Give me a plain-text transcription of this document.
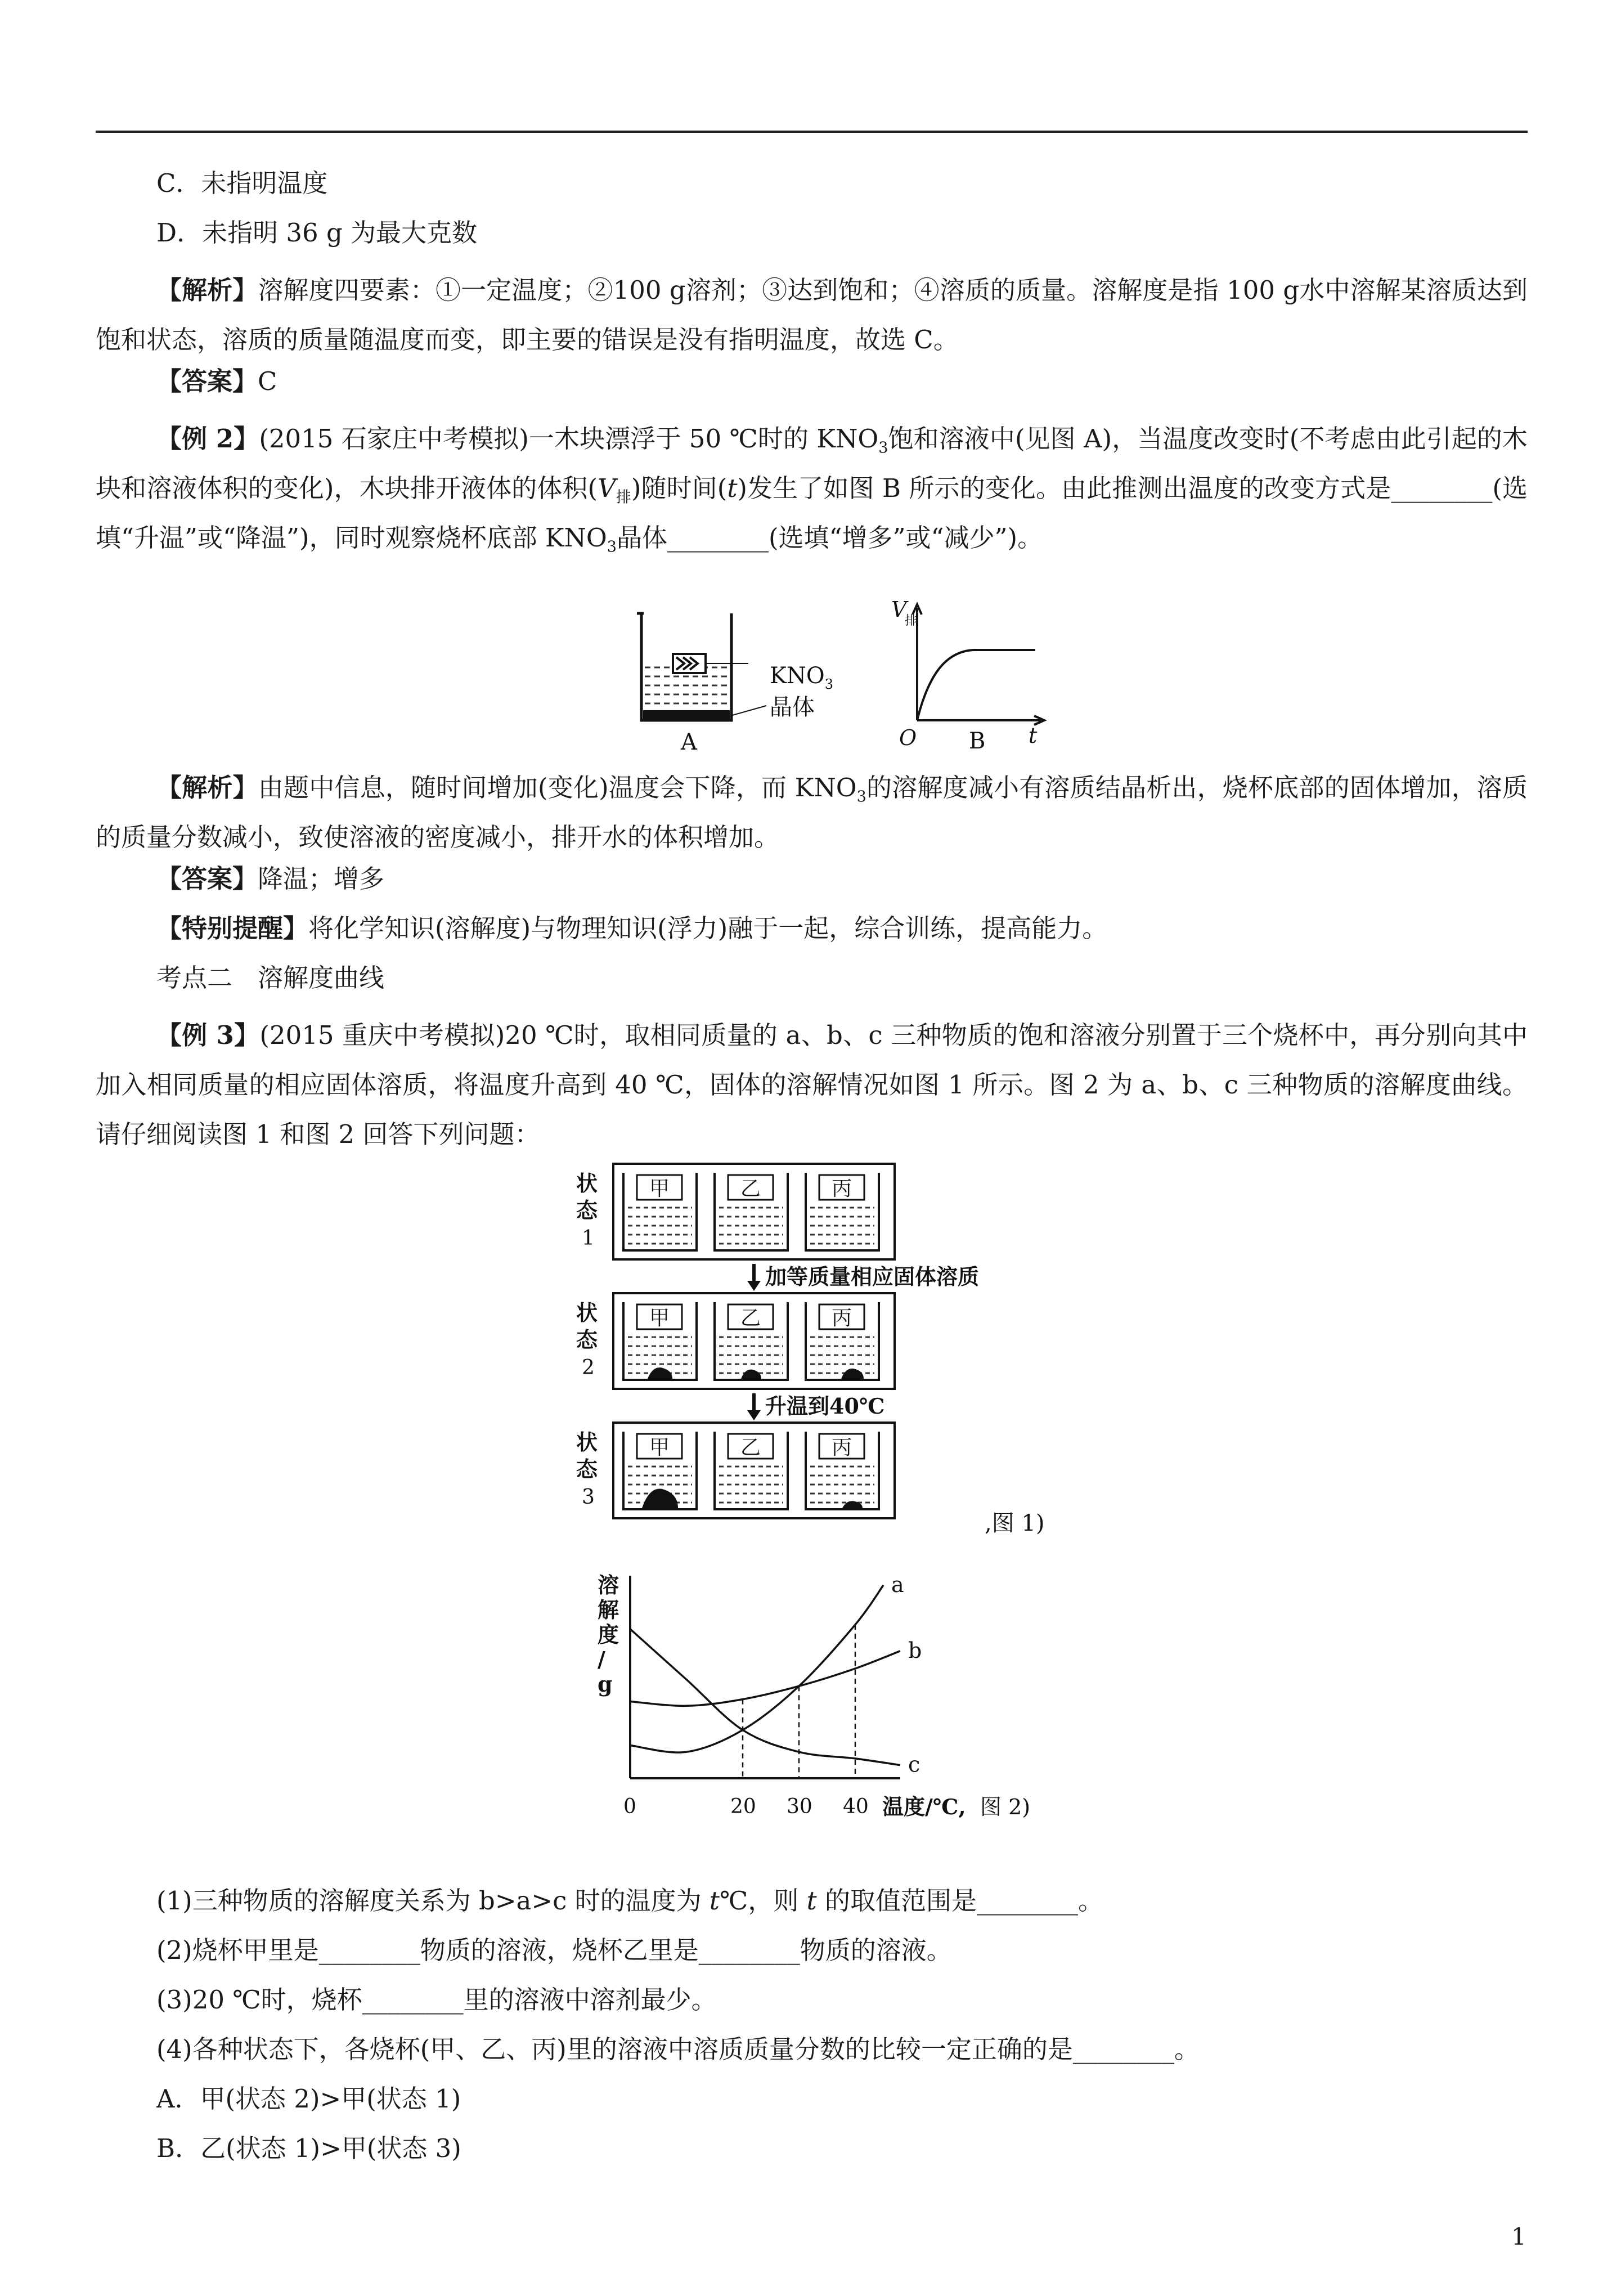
C．未指明温度
D．未指明 36 g 为最大克数
【解析】溶解度四要素：①一定温度；②100 g溶剂；③达到饱和；④溶质的质量。溶解度是指 100 g水中溶解某溶质达到饱和状态，溶质的质量随温度而变，即主要的错误是没有指明温度，故选 C。
【答案】C
【例 2】(2015 石家庄中考模拟)一木块漂浮于 50 ℃时的 $KNO_3$饱和溶液中(见图 A)，当温度改变时(不考虑由此引起的木块和溶液体积的变化)，木块排开液体的体积$(V_排)$随时间(t)发生了如图 B 所示的变化。由此推测出温度的改变方式是________(选填“升温”或“降温”)，同时观察烧杯底部 $KNO_3$晶体________(选填“增多”或“减少”)。
$KNO_3$
晶体
A
V
排
O B t
【解析】由题中信息，随时间增加(变化)温度会下降，而 $KNO_3$的溶解度减小有溶质结晶析出，烧杯底部的固体增加，溶质的质量分数减小，致使溶液的密度减小，排开水的体积增加。
【答案】降温；增多
【特别提醒】将化学知识(溶解度)与物理知识(浮力)融于一起，综合训练，提高能力。
考点二　溶解度曲线
【例 3】(2015 重庆中考模拟)20 ℃时，取相同质量的 a、b、c 三种物质的饱和溶液分别置于三个烧杯中，再分别向其中加入相同质量的相应固体溶质，将温度升高到 40 ℃，固体的溶解情况如图 1 所示。图 2 为 a、b、c 三种物质的溶解度曲线。请仔细阅读图 1 和图 2 回答下列问题：
状
态
1
甲	乙	丙
状
态
2
甲	乙	丙
状
态
3
甲	乙	丙
加等质量相应固体溶质
升温到40℃
,图 1)
溶
解
度
/
g
a
b
c
0	20 30 40 温度/℃, 图 2)
(1)三种物质的溶解度关系为 b>a>c 时的温度为 t℃，则 t 的取值范围是________。
(2)烧杯甲里是________物质的溶液，烧杯乙里是________物质的溶液。
(3)20 ℃时，烧杯________里的溶液中溶剂最少。
(4)各种状态下，各烧杯(甲、乙、丙)里的溶液中溶质质量分数的比较一定正确的是________。
A．甲(状态 2)>甲(状态 1)
B．乙(状态 1)>甲(状态 3)
1
